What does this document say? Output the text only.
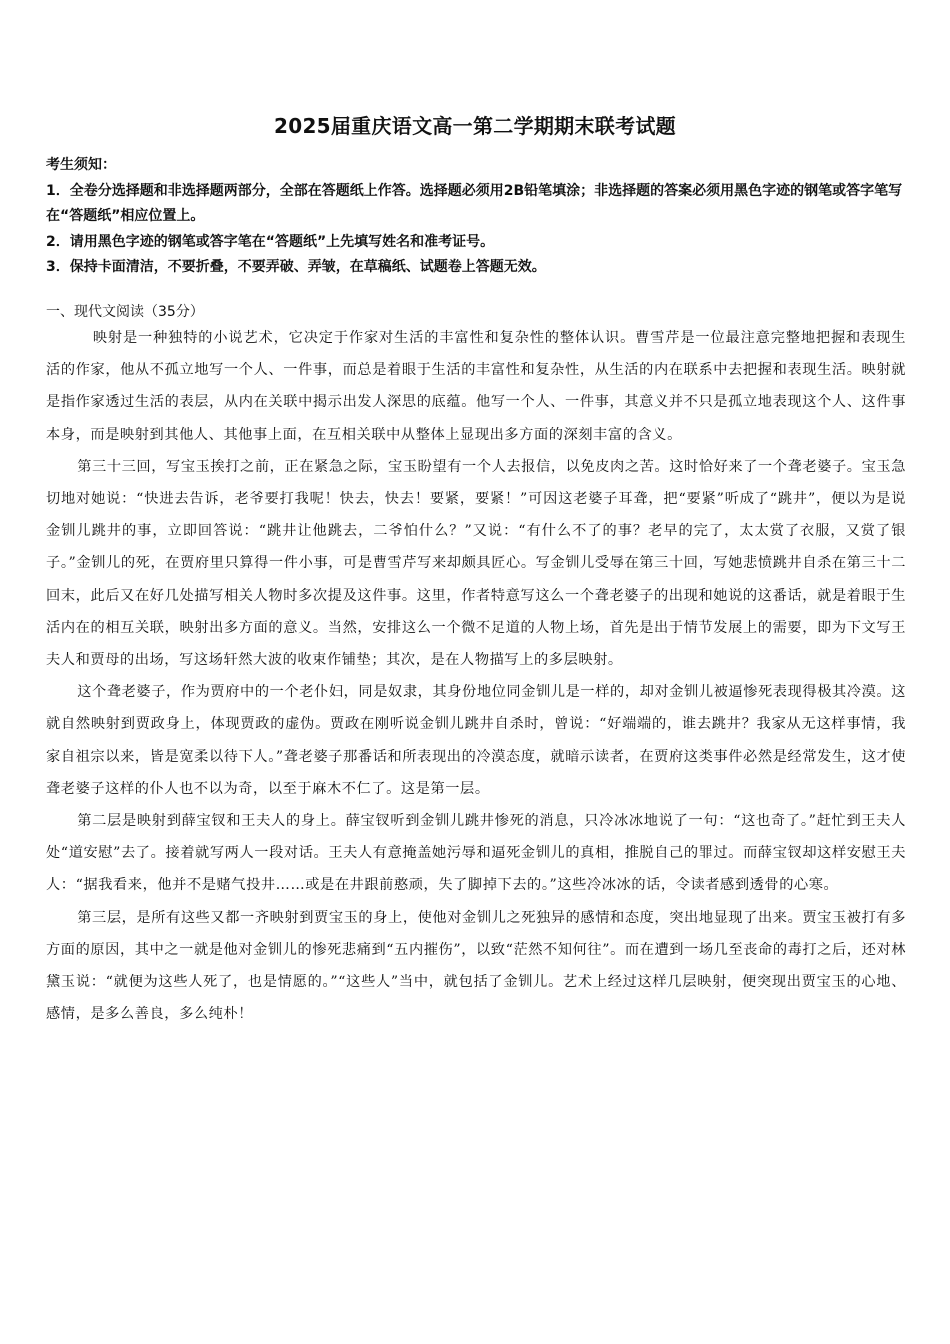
2025届重庆语文高一第二学期期末联考试题

考生须知：

1．全卷分选择题和非选择题两部分，全部在答题纸上作答。选择题必须用2B铅笔填涂；非选择题的答案必须用黑色字迹的钢笔或答字笔写在“答题纸”相应位置上。

2．请用黑色字迹的钢笔或答字笔在“答题纸”上先填写姓名和准考证号。

3．保持卡面清洁，不要折叠，不要弄破、弄皱，在草稿纸、试题卷上答题无效。

一、现代文阅读（35分）

映射是一种独特的小说艺术，它决定于作家对生活的丰富性和复杂性的整体认识。曹雪芹是一位最注意完整地把握和表现生活的作家，他从不孤立地写一个人、一件事，而总是着眼于生活的丰富性和复杂性，从生活的内在联系中去把握和表现生活。映射就是指作家透过生活的表层，从内在关联中揭示出发人深思的底蕴。他写一个人、一件事，其意义并不只是孤立地表现这个人、这件事本身，而是映射到其他人、其他事上面，在互相关联中从整体上显现出多方面的深刻丰富的含义。

第三十三回，写宝玉挨打之前，正在紧急之际，宝玉盼望有一个人去报信，以免皮肉之苦。这时恰好来了一个聋老婆子。宝玉急切地对她说：“快进去告诉，老爷要打我呢！快去，快去！要紧，要紧！”可因这老婆子耳聋，把“要紧”听成了“跳井”，便以为是说金钏儿跳井的事，立即回答说：“跳井让他跳去，二爷怕什么？”又说：“有什么不了的事？老早的完了，太太赏了衣服，又赏了银子。”金钏儿的死，在贾府里只算得一件小事，可是曹雪芹写来却颇具匠心。写金钏儿受辱在第三十回，写她悲愤跳井自杀在第三十二回末，此后又在好几处描写相关人物时多次提及这件事。这里，作者特意写这么一个聋老婆子的出现和她说的这番话，就是着眼于生活内在的相互关联，映射出多方面的意义。当然，安排这么一个微不足道的人物上场，首先是出于情节发展上的需要，即为下文写王夫人和贾母的出场，写这场轩然大波的收束作铺垫；其次，是在人物描写上的多层映射。

这个聋老婆子，作为贾府中的一个老仆妇，同是奴隶，其身份地位同金钏儿是一样的，却对金钏儿被逼惨死表现得极其冷漠。这就自然映射到贾政身上，体现贾政的虚伪。贾政在刚听说金钏儿跳井自杀时，曾说：“好端端的，谁去跳井？我家从无这样事情，我家自祖宗以来，皆是宽柔以待下人。”聋老婆子那番话和所表现出的冷漠态度，就暗示读者，在贾府这类事件必然是经常发生，这才使聋老婆子这样的仆人也不以为奇，以至于麻木不仁了。这是第一层。

第二层是映射到薛宝钗和王夫人的身上。薛宝钗听到金钏儿跳井惨死的消息，只冷冰冰地说了一句：“这也奇了。”赶忙到王夫人处“道安慰”去了。接着就写两人一段对话。王夫人有意掩盖她污辱和逼死金钏儿的真相，推脱自己的罪过。而薛宝钗却这样安慰王夫人：“据我看来，他并不是赌气投井……或是在井跟前憨顽，失了脚掉下去的。”这些冷冰冰的话，令读者感到透骨的心寒。

第三层，是所有这些又都一齐映射到贾宝玉的身上，使他对金钏儿之死独异的感情和态度，突出地显现了出来。贾宝玉被打有多方面的原因，其中之一就是他对金钏儿的惨死悲痛到“五内摧伤”，以致“茫然不知何往”。而在遭到一场几至丧命的毒打之后，还对林黛玉说：“就便为这些人死了，也是情愿的。”“这些人”当中，就包括了金钏儿。艺术上经过这样几层映射，便突现出贾宝玉的心地、感情，是多么善良，多么纯朴！
